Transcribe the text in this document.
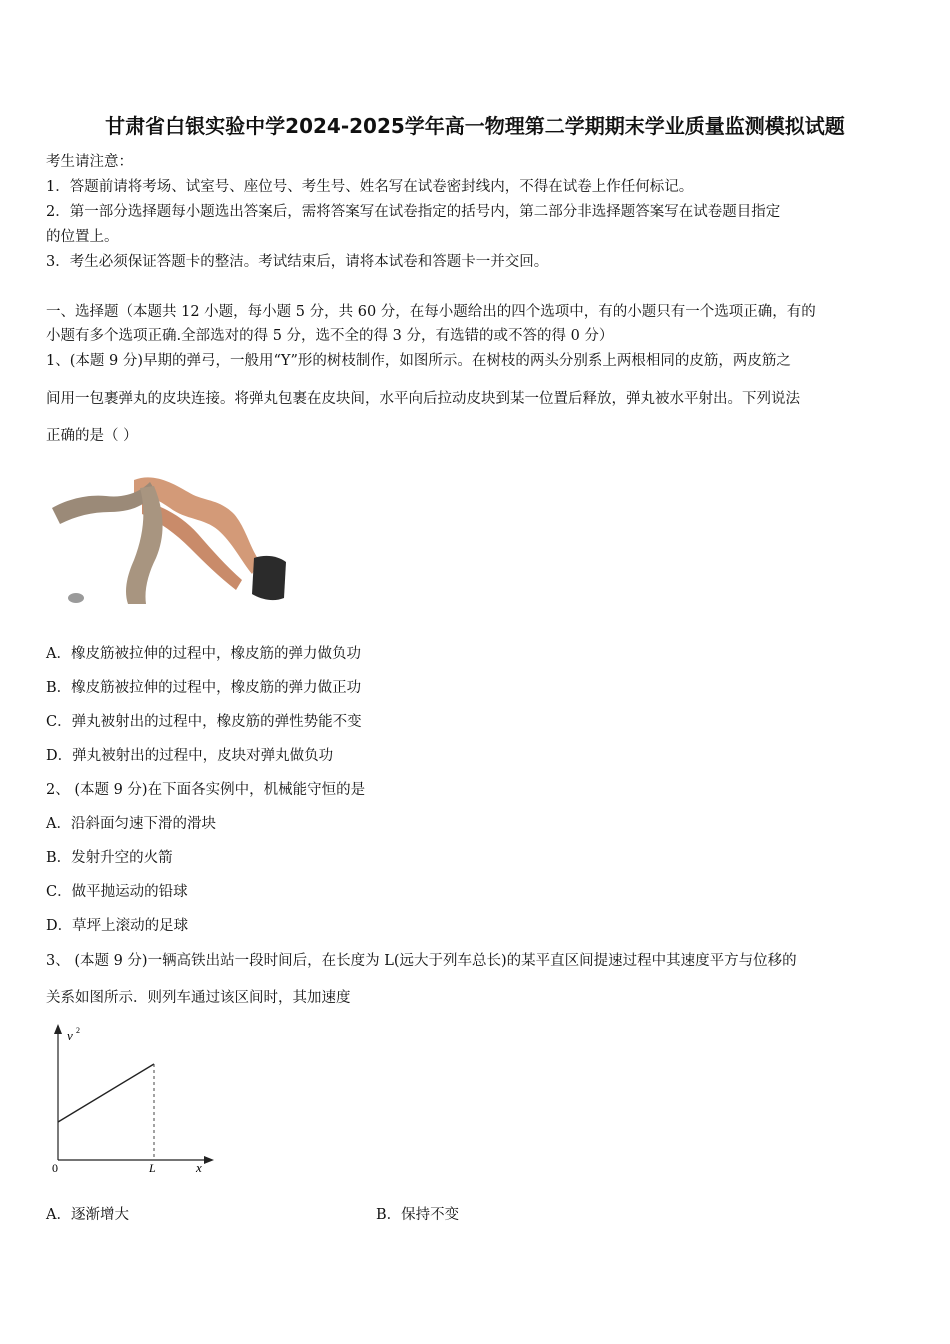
甘肃省白银实验中学2024-2025学年高一物理第二学期期末学业质量监测模拟试题
考生请注意：
1．答题前请将考场、试室号、座位号、考生号、姓名写在试卷密封线内，不得在试卷上作任何标记。
2．第一部分选择题每小题选出答案后，需将答案写在试卷指定的括号内，第二部分非选择题答案写在试卷题目指定
的位置上。
3．考生必须保证答题卡的整洁。考试结束后，请将本试卷和答题卡一并交回。
一、选择题（本题共 12 小题，每小题 5 分，共 60 分，在每小题给出的四个选项中，有的小题只有一个选项正确，有的
小题有多个选项正确.全部选对的得 5 分，选不全的得 3 分，有选错的或不答的得 0 分）
1、(本题 9 分)早期的弹弓，一般用“Y”形的树枝制作，如图所示。在树枝的两头分别系上两根相同的皮筋，两皮筋之
间用一包裹弹丸的皮块连接。将弹丸包裹在皮块间，水平向后拉动皮块到某一位置后释放，弹丸被水平射出。下列说法
正确的是（ ）
A．橡皮筋被拉伸的过程中，橡皮筋的弹力做负功
B．橡皮筋被拉伸的过程中，橡皮筋的弹力做正功
C．弹丸被射出的过程中，橡皮筋的弹性势能不变
D．弹丸被射出的过程中，皮块对弹丸做负功
2、 (本题 9 分)在下面各实例中，机械能守恒的是
A．沿斜面匀速下滑的滑块
B．发射升空的火箭
C．做平抛运动的铅球
D．草坪上滚动的足球
3、 (本题 9 分)一辆高铁出站一段时间后，在长度为 L(远大于列车总长)的某平直区间提速过程中其速度平方与位移的
关系如图所示．则列车通过该区间时，其加速度
v 2
0	L	x
A．逐渐增大	B．保持不变
